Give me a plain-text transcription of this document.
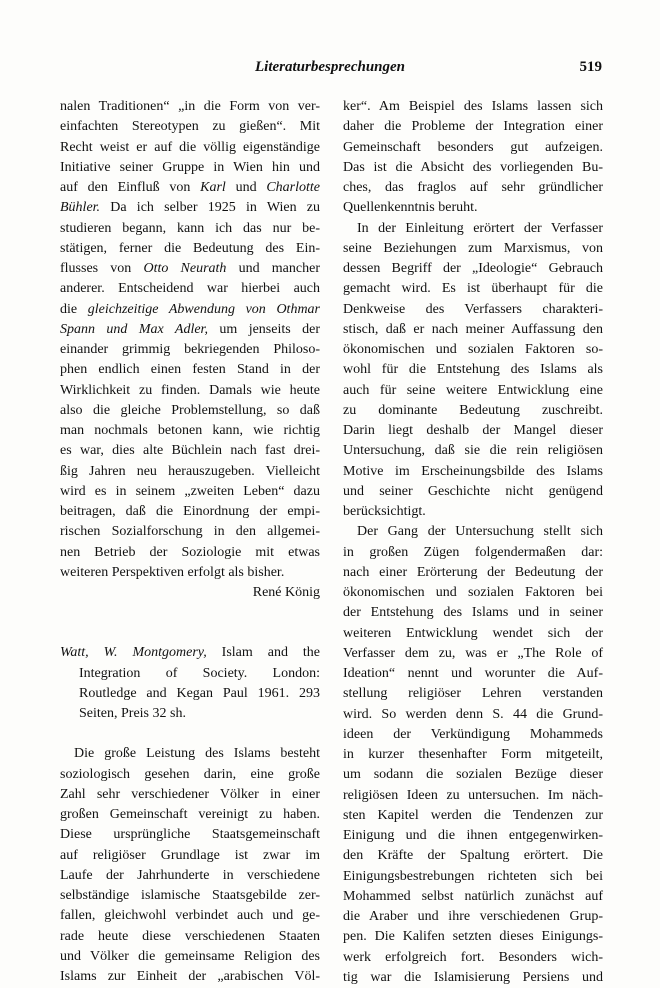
Literaturbesprechungen	519
nalen Traditionen“ „in die Form von ver-
einfachten Stereotypen zu gießen“. Mit
Recht weist er auf die völlig eigenständige
Initiative seiner Gruppe in Wien hin und
auf den Einfluß von Karl und Charlotte
Bühler. Da ich selber 1925 in Wien zu
studieren begann, kann ich das nur be-
stätigen, ferner die Bedeutung des Ein-
flusses von Otto Neurath und mancher
anderer. Entscheidend war hierbei auch
die gleichzeitige Abwendung von Othmar
Spann und Max Adler, um jenseits der
einander grimmig bekriegenden Philoso-
phen endlich einen festen Stand in der
Wirklichkeit zu finden. Damals wie heute
also die gleiche Problemstellung, so daß
man nochmals betonen kann, wie richtig
es war, dies alte Büchlein nach fast drei-
ßig Jahren neu herauszugeben. Vielleicht
wird es in seinem „zweiten Leben“ dazu
beitragen, daß die Einordnung der empi-
rischen Sozialforschung in den allgemei-
nen Betrieb der Soziologie mit etwas
weiteren Perspektiven erfolgt als bisher.
René König
Watt, W. Montgomery, Islam and the
Integration of Society. London:
Routledge and Kegan Paul 1961. 293
Seiten, Preis 32 sh.
Die große Leistung des Islams besteht
soziologisch gesehen darin, eine große
Zahl sehr verschiedener Völker in einer
großen Gemeinschaft vereinigt zu haben.
Diese ursprüngliche Staatsgemeinschaft
auf religiöser Grundlage ist zwar im
Laufe der Jahrhunderte in verschiedene
selbständige islamische Staatsgebilde zer-
fallen, gleichwohl verbindet auch und ge-
rade heute diese verschiedenen Staaten
und Völker die gemeinsame Religion des
Islams zur Einheit der „arabischen Völ-
ker“. Am Beispiel des Islams lassen sich
daher die Probleme der Integration einer
Gemeinschaft besonders gut aufzeigen.
Das ist die Absicht des vorliegenden Bu-
ches, das fraglos auf sehr gründlicher
Quellenkenntnis beruht.
In der Einleitung erörtert der Verfasser
seine Beziehungen zum Marxismus, von
dessen Begriff der „Ideologie“ Gebrauch
gemacht wird. Es ist überhaupt für die
Denkweise des Verfassers charakteri-
stisch, daß er nach meiner Auffassung den
ökonomischen und sozialen Faktoren so-
wohl für die Entstehung des Islams als
auch für seine weitere Entwicklung eine
zu dominante Bedeutung zuschreibt.
Darin liegt deshalb der Mangel dieser
Untersuchung, daß sie die rein religiösen
Motive im Erscheinungsbilde des Islams
und seiner Geschichte nicht genügend
berücksichtigt.
Der Gang der Untersuchung stellt sich
in großen Zügen folgendermaßen dar:
nach einer Erörterung der Bedeutung der
ökonomischen und sozialen Faktoren bei
der Entstehung des Islams und in seiner
weiteren Entwicklung wendet sich der
Verfasser dem zu, was er „The Role of
Ideation“ nennt und worunter die Auf-
stellung religiöser Lehren verstanden
wird. So werden denn S. 44 die Grund-
ideen der Verkündigung Mohammeds
in kurzer thesenhafter Form mitgeteilt,
um sodann die sozialen Bezüge dieser
religiösen Ideen zu untersuchen. Im näch-
sten Kapitel werden die Tendenzen zur
Einigung und die ihnen entgegenwirken-
den Kräfte der Spaltung erörtert. Die
Einigungsbestrebungen richteten sich bei
Mohammed selbst natürlich zunächst auf
die Araber und ihre verschiedenen Grup-
pen. Die Kalifen setzten dieses Einigungs-
werk erfolgreich fort. Besonders wich-
tig war die Islamisierung Persiens und
